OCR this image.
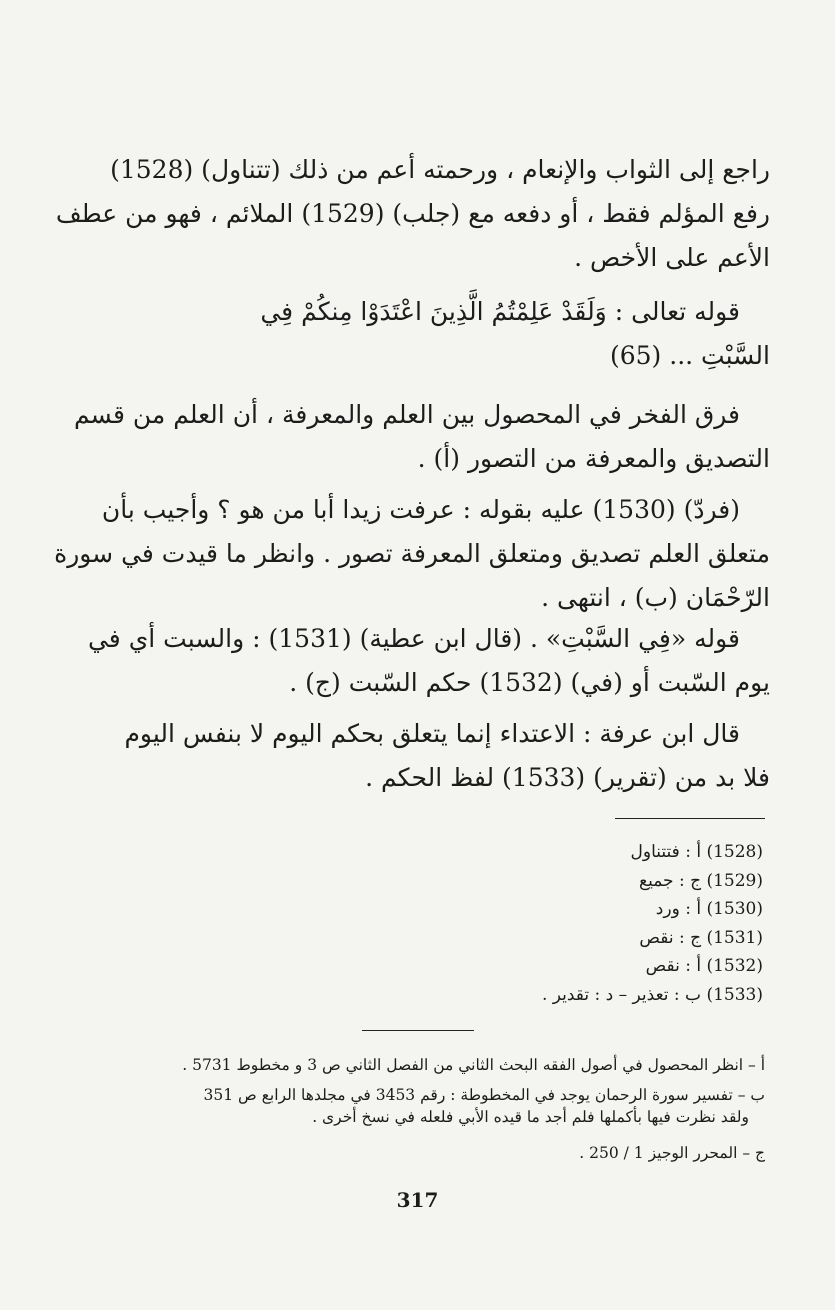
راجع إلى الثواب والإنعام ، ورحمته أعم من ذلك (تتناول) (1528)
رفع المؤلم فقط ، أو دفعه مع (جلب) (1529) الملائم ، فهو من عطف
الأعم على الأخص .
قوله تعالى : وَلَقَدْ عَلِمْتُمُ الَّذِينَ اعْتَدَوْا مِنكُمْ فِي
السَّبْتِ ... (65)
فرق الفخر في المحصول بين العلم والمعرفة ، أن العلم من قسم
التصديق والمعرفة من التصور (أ) .
(فردّ) (1530) عليه بقوله : عرفت زيدا أبا من هو ؟ وأجيب بأن
متعلق العلم تصديق ومتعلق المعرفة تصور . وانظر ما قيدت في سورة
الرّحْمَان (ب) ، انتهى .
قوله «فِي السَّبْتِ» . (قال ابن عطية) (1531) : والسبت أي في
يوم السّبت أو (في) (1532) حكم السّبت (ج) .
قال ابن عرفة : الاعتداء إنما يتعلق بحكم اليوم لا بنفس اليوم
فلا بد من (تقرير) (1533) لفظ الحكم .
(1528) أ : فتتناول
(1529) ج : جميع
(1530) أ : ورد
(1531) ج : نقص
(1532) أ : نقص
(1533) ب : تعذير – د : تقدير .
أ – انظر المحصول في أصول الفقه البحث الثاني من الفصل الثاني ص 3 و مخطوط 5731 .
ب – تفسير سورة الرحمان يوجد في المخطوطة : رقم 3453 في مجلدها الرابع ص 351
ولقد نظرت فيها بأكملها فلم أجد ما قيده الأبي فلعله في نسخ أخرى .
ج – المحرر الوجيز 1 / 250 .
317
